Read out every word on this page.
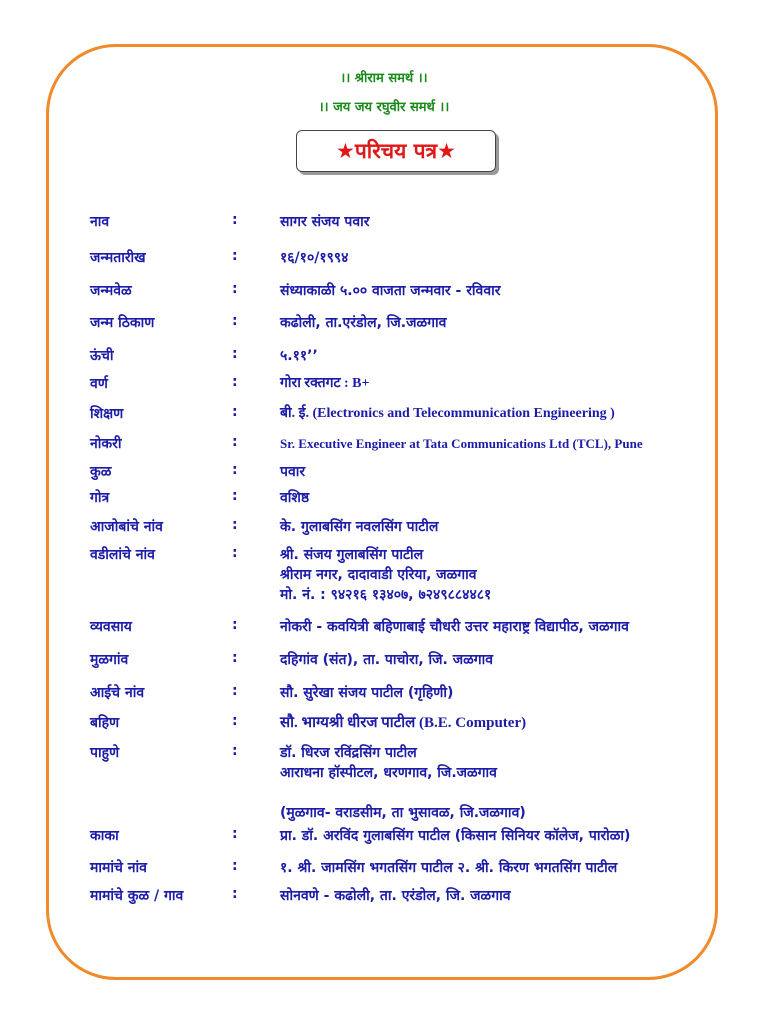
।। श्रीराम समर्थ ।।
।। जय जय रघुवीर समर्थ ।।
★परिचय पत्र★
नाव	:	सागर संजय पवार
जन्मतारीख	:	१६/१०/१९९४
जन्मवेळ	:	संध्याकाळी ५.०० वाजता जन्मवार - रविवार
जन्म ठिकाण	:	कढोली, ता.एरंडोल, जि.जळगाव
ऊंची	:	५.११’’
वर्ण	:	गोरा रक्तगट : B+
शिक्षण	:	बी. ई. (Electronics and Telecommunication Engineering )
नोकरी	:	Sr. Executive Engineer at Tata Communications Ltd (TCL), Pune
कुळ	:	पवार
गोत्र	:	वशिष्ठ
आजोबांचे नांव	:	के. गुलाबसिंग नवलसिंग पाटील
वडीलांचे नांव	:	श्री. संजय गुलाबसिंग पाटील
श्रीराम नगर, दादावाडी एरिया, जळगाव
मो. नं. : ९४२१६ १३४०७, ७२४९८८४४८१
व्यवसाय	:	नोकरी - कवयित्री बहिणाबाई चौधरी उत्तर महाराष्ट्र विद्यापीठ, जळगाव
मुळगांव	:	दहिगांव (संत), ता. पाचोरा, जि. जळगाव
आईचे नांव	:	सौ. सुरेखा संजय पाटील (गृहिणी)
बहिण	:	सौ. भाग्यश्री धीरज पाटील (B.E. Computer)
पाहुणे	:	डॉ. धिरज रविंद्रसिंग पाटील
आराधना हॉस्पीटल, धरणगाव, जि.जळगाव

(मुळगाव- वराडसीम, ता भुसावळ, जि.जळगाव)
काका	:	प्रा. डॉ. अरविंद गुलाबसिंग पाटील (किसान सिनियर कॉलेज, पारोळा)
मामांचे नांव	:	१. श्री. जामसिंग भगतसिंग पाटील २. श्री. किरण भगतसिंग पाटील
मामांचे कुळ / गाव	:	सोनवणे - कढोली, ता. एरंडोल, जि. जळगाव
